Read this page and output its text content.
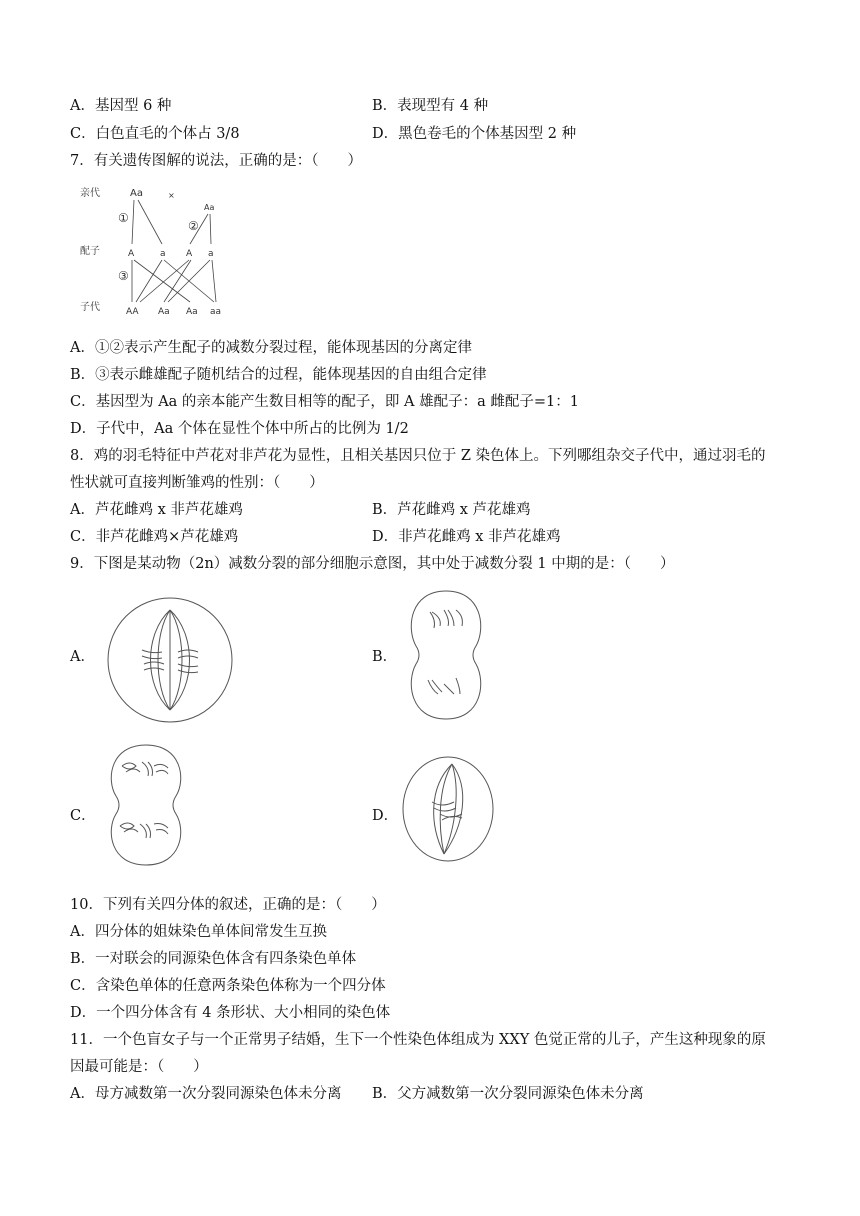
A．基因型 6 种	B．表现型有 4 种
C．白色直毛的个体占 3/8	D．黑色卷毛的个体基因型 2 种
7．有关遗传图解的说法，正确的是：（　　）
亲代
配子
子代
Aa	×
Aa
①
②
③
A	a A a
AA Aa Aa aa
A．①②表示产生配子的减数分裂过程，能体现基因的分离定律
B．③表示雌雄配子随机结合的过程，能体现基因的自由组合定律
C．基因型为 Aa 的亲本能产生数目相等的配子，即 A 雄配子：a 雌配子=1：1
D．子代中，Aa 个体在显性个体中所占的比例为 1/2
8．鸡的羽毛特征中芦花对非芦花为显性，且相关基因只位于 Z 染色体上。下列哪组杂交子代中，通过羽毛的
性状就可直接判断雏鸡的性别：（　　）
A．芦花雌鸡 x 非芦花雄鸡	B．芦花雌鸡 x 芦花雄鸡
C．非芦花雌鸡×芦花雄鸡	D．非芦花雌鸡 x 非芦花雄鸡
9．下图是某动物（2n）减数分裂的部分细胞示意图，其中处于减数分裂 1 中期的是：（　　）
A．	B．
C．	D．
10．下列有关四分体的叙述，正确的是：（　　）
A．四分体的姐妹染色单体间常发生互换
B．一对联会的同源染色体含有四条染色单体
C．含染色单体的任意两条染色体称为一个四分体
D．一个四分体含有 4 条形状、大小相同的染色体
11．一个色盲女子与一个正常男子结婚，生下一个性染色体组成为 XXY 色觉正常的儿子，产生这种现象的原
因最可能是：（　　）
A．母方减数第一次分裂同源染色体未分离 B．父方减数第一次分裂同源染色体未分离
